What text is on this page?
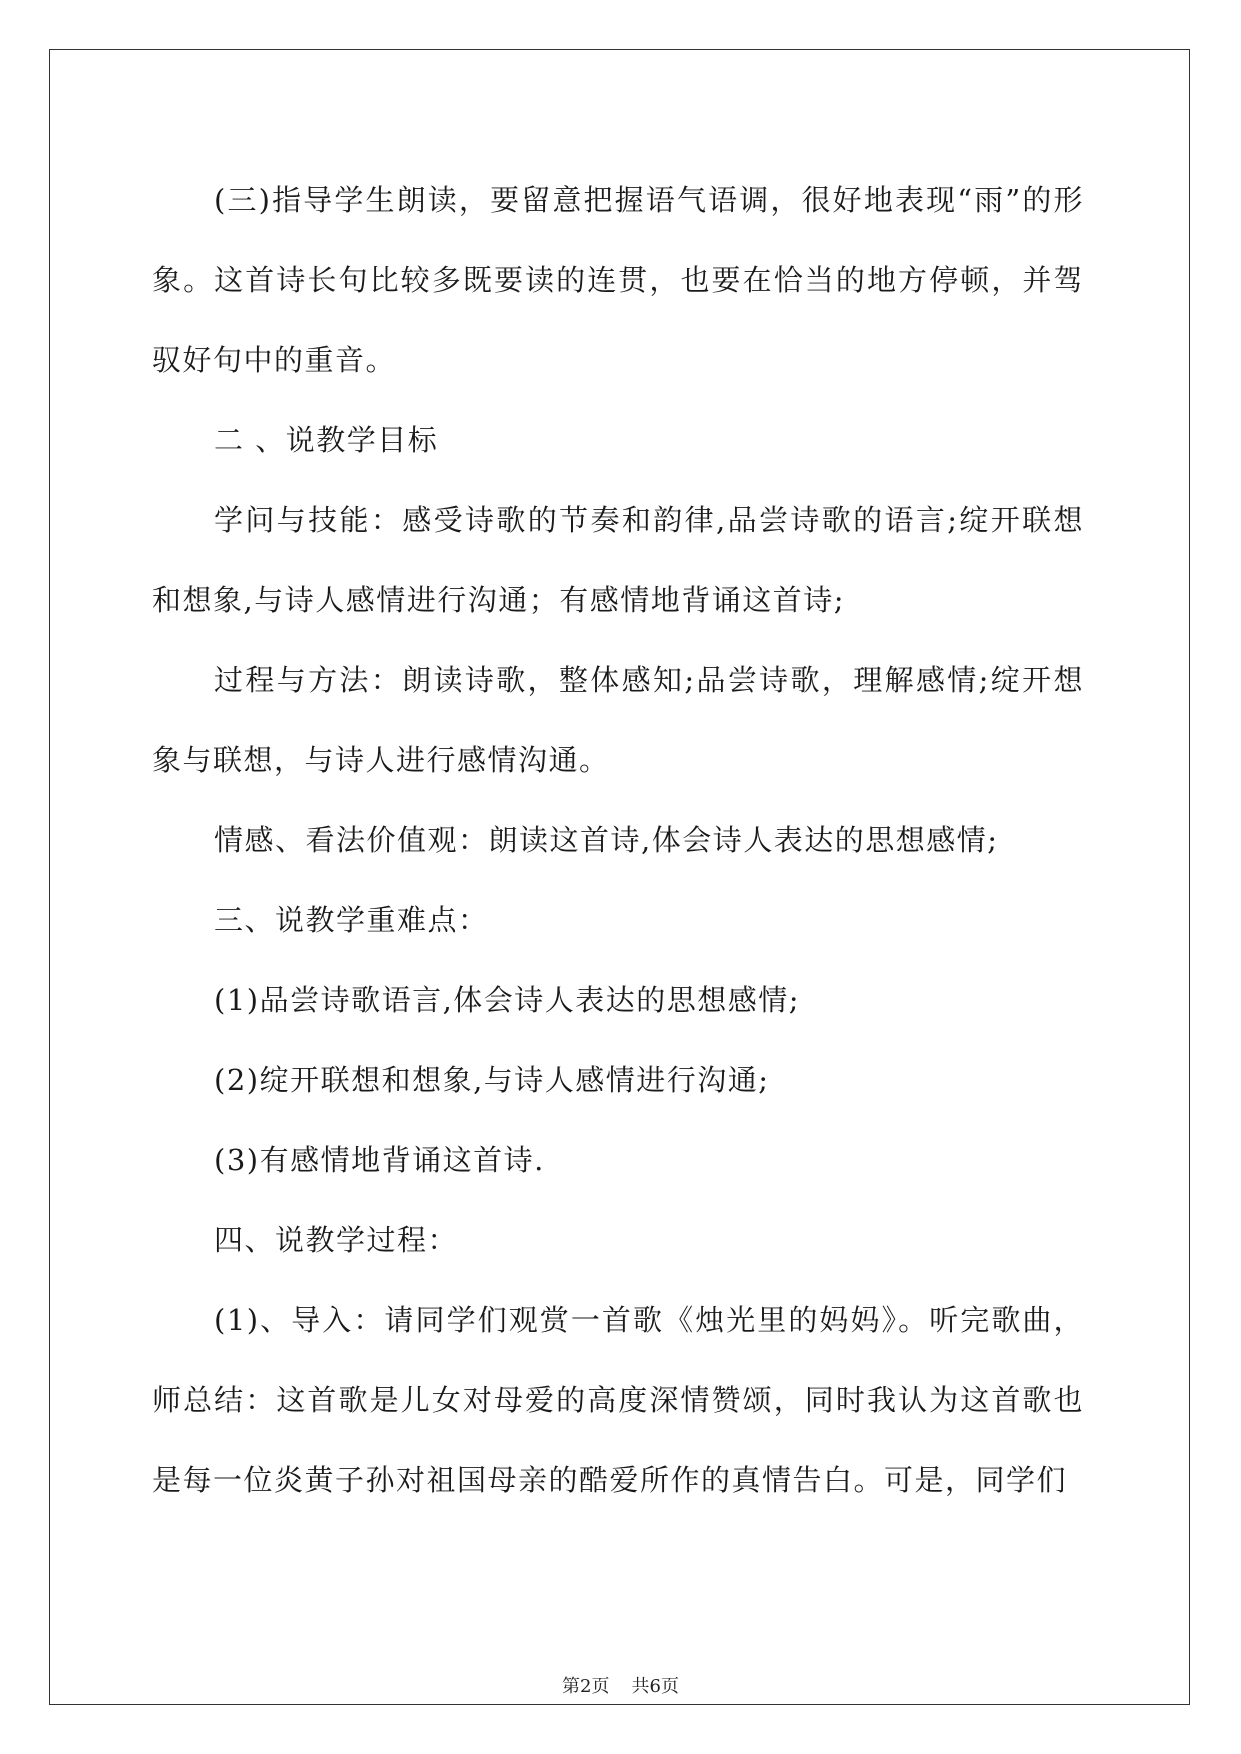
(三)指导学生朗读，要留意把握语气语调，很好地表现“雨”的形象。这首诗长句比较多既要读的连贯，也要在恰当的地方停顿，并驾驭好句中的重音。

二 、说教学目标

学问与技能：感受诗歌的节奏和韵律,品尝诗歌的语言;绽开联想和想象,与诗人感情进行沟通；有感情地背诵这首诗;

过程与方法：朗读诗歌，整体感知;品尝诗歌，理解感情;绽开想象与联想，与诗人进行感情沟通。

情感、看法价值观：朗读这首诗,体会诗人表达的思想感情;

三、说教学重难点：

(1)品尝诗歌语言,体会诗人表达的思想感情;

(2)绽开联想和想象,与诗人感情进行沟通;

(3)有感情地背诵这首诗.

四、说教学过程：

(1)、导入：请同学们观赏一首歌《烛光里的妈妈》。听完歌曲，师总结：这首歌是儿女对母爱的高度深情赞颂，同时我认为这首歌也是每一位炎黄子孙对祖国母亲的酷爱所作的真情告白。可是，同学们

第2页 共6页
